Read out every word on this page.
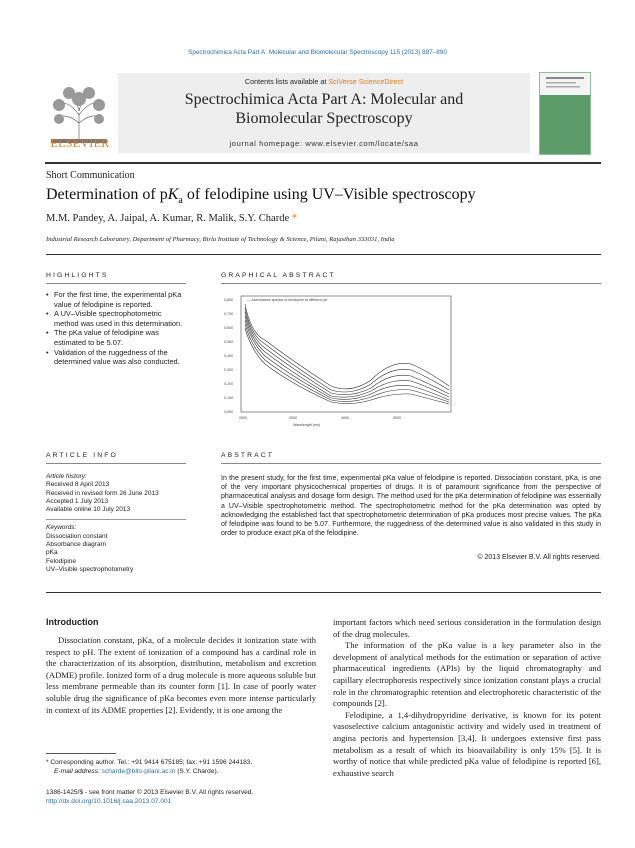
Spectrochimica Acta Part A: Molecular and Biomolecular Spectroscopy 115 (2013) 887–890
ELSEVIER
Contents lists available at SciVerse ScienceDirect
Spectrochimica Acta Part A: Molecular and
Biomolecular Spectroscopy
journal homepage: www.elsevier.com/locate/saa
Short Communication
Determination of $pK_a$ of felodipine using UV–Visible spectroscopy
M.M. Pandey, A. Jaipal, A. Kumar, R. Malik, S.Y. Charde *
Industrial Research Laboratory, Department of Pharmacy, Birla Institute of Technology & Science, Pilani, Rajasthan 333031, India
HIGHLIGHTS
• For the first time, the experimental pKa value of felodipine is reported.
• A UV–Visible spectrophotometric method was used in this determination.
• The pKa value of felodipine was estimated to be 5.07.
• Validation of the ruggedness of the determined value was also conducted.
GRAPHICAL ABSTRACT
— Absorbance spectra of felodipine at different pH
0.800
0.700
0.600
0.500
0.400
0.300
0.200
0.100
0.000
2000	3000	4000	5000
Wavelength (nm)
ARTICLE INFO
Article history:
Received 8 April 2013
Received in revised form 26 June 2013
Accepted 1 July 2013
Available online 10 July 2013
Keywords:
Dissociation constant
Absorbance diagram
pKa
Felodipine
UV–Visible spectrophotometry
ABSTRACT
In the present study, for the first time, experimental pKa value of felodipine is reported. Dissociation constant, pKa, is one of the very important physicochemical properties of drugs. It is of paramount significance from the perspective of pharmaceutical analysis and dosage form design. The method used for the pKa determination of felodipine was essentially a UV–Visible spectrophotometric method. The spectrophotometric method for the pKa determination was opted by acknowledging the established fact that spectrophotometric determination of pKa produces most precise values. The pKa of felodipine was found to be 5.07. Furthermore, the ruggedness of the determined value is also validated in this study in order to produce exact pKa of the felodipine.
© 2013 Elsevier B.V. All rights reserved.
Introduction

Dissociation constant, pKa, of a molecule decides it ionization state with respect to pH. The extent of ionization of a compound has a cardinal role in the characterization of its absorption, distribution, metabolism and excretion (ADME) profile. Ionized form of a drug molecule is more aqueous soluble but less membrane permeable than its counter form [1]. In case of poorly water soluble drug the significance of pKa becomes even more intense particularly in context of its ADME properties [2]. Evidently, it is one among the

important factors which need serious consideration in the formulation design of the drug molecules.

The information of the pKa value is a key parameter also in the development of analytical methods for the estimation or separation of active pharmaceutical ingredients (APIs) by the liquid chromatography and capillary electrophoresis respectively since ionization constant plays a crucial role in the chromatographic retention and electrophoretic characteristic of the compounds [2].

Felodipine, a 1,4-dihydropyridine derivative, is known for its potent vasoselective calcium antagonistic activity and widely used in treatment of angina pectoris and hypertension [3,4]. It undergoes extensive first pass metabolism as a result of which its bioavailability is only 15% [5]. It is worthy of notice that while predicted pKa value of felodipine is reported [6], exhaustive search

* Corresponding author. Tel.: +91 9414 675185; fax: +91 1596 244183.
E-mail address: scharde@bits-pilani.ac.in (S.Y. Charde).
1386-1425/$ - see front matter © 2013 Elsevier B.V. All rights reserved.
http://dx.doi.org/10.1016/j.saa.2013.07.001
